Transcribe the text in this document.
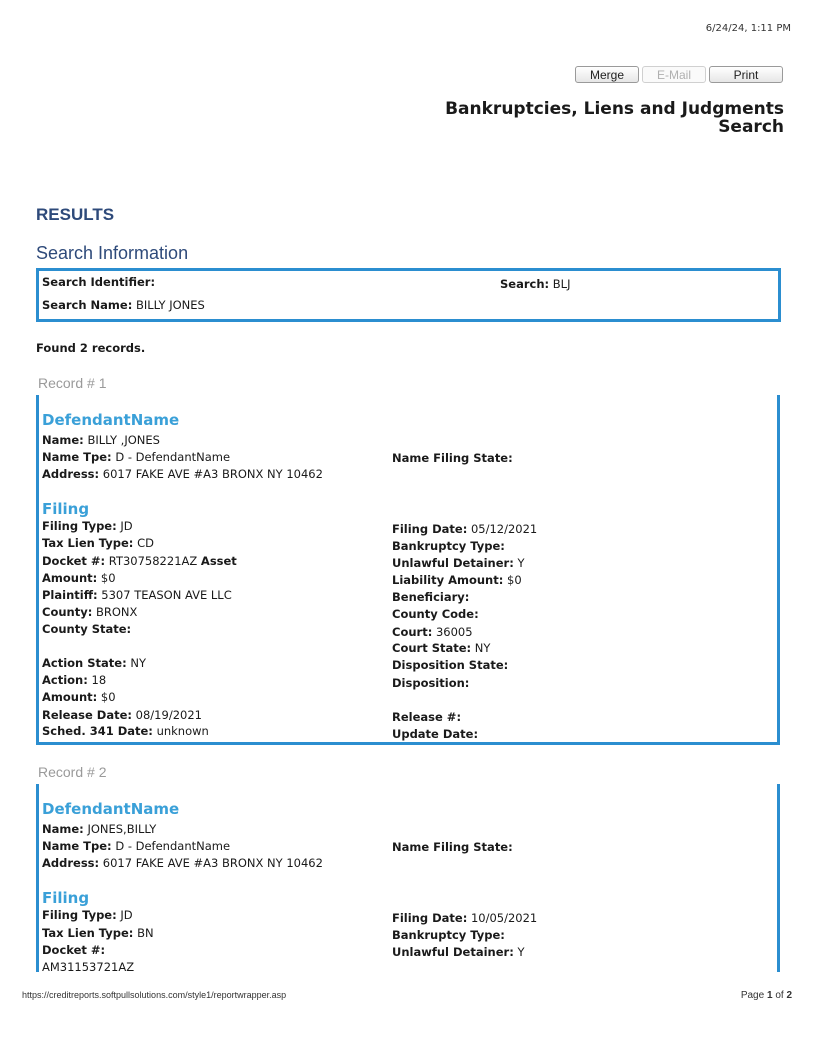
6/24/24, 1:11 PM
Merge	E-Mail	Print
Bankruptcies, Liens and Judgments
Search
RESULTS
Search Information
Search Identifier:	Search: BLJ
Search Name: BILLY JONES
Found 2 records.
Record # 1
DefendantName
Name: BILLY ,JONES
Name Tpe: D - DefendantName	Name Filing State:
Address: 6017 FAKE AVE #A3 BRONX NY 10462
Filing
Filing Type: JD
Tax Lien Type: CD
Docket #: RT30758221AZ Asset
Amount: $0
Plaintiff: 5307 TEASON AVE LLC
County: BRONX
County State:
Action State: NY
Action: 18
Amount: $0
Release Date: 08/19/2021
Sched. 341 Date: unknown
Filing Date: 05/12/2021
Bankruptcy Type:
Unlawful Detainer: Y
Liability Amount: $0
Beneficiary:
County Code:
Court: 36005
Court State: NY
Disposition State:
Disposition:
Release #:
Update Date:
Record # 2
DefendantName
Name: JONES,BILLY
Name Tpe: D - DefendantName	Name Filing State:
Address: 6017 FAKE AVE #A3 BRONX NY 10462
Filing
Filing Type: JD
Tax Lien Type: BN
Docket #:
AM31153721AZ
Filing Date: 10/05/2021
Bankruptcy Type:
Unlawful Detainer: Y
https://creditreports.softpullsolutions.com/style1/reportwrapper.asp	Page 1 of 2
